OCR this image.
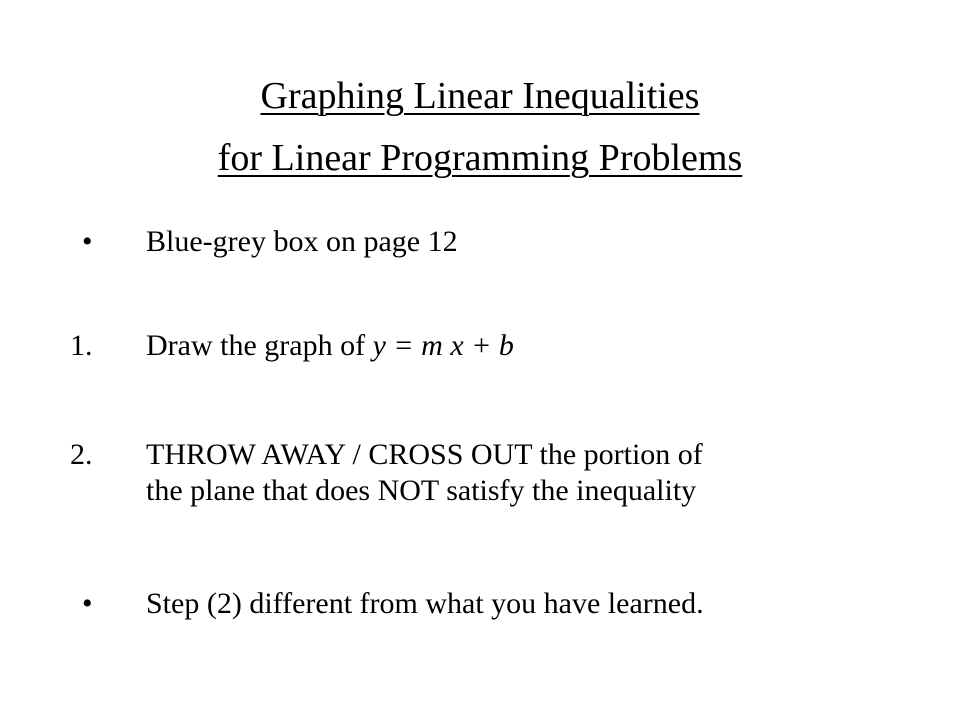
Graphing Linear Inequalities
for Linear Programming Problems
•	Blue-grey box on page 12
1.	Draw the graph of y = m x + b
2.	THROW AWAY / CROSS OUT the portion of
the plane that does NOT satisfy the inequality
•	Step (2) different from what you have learned.
